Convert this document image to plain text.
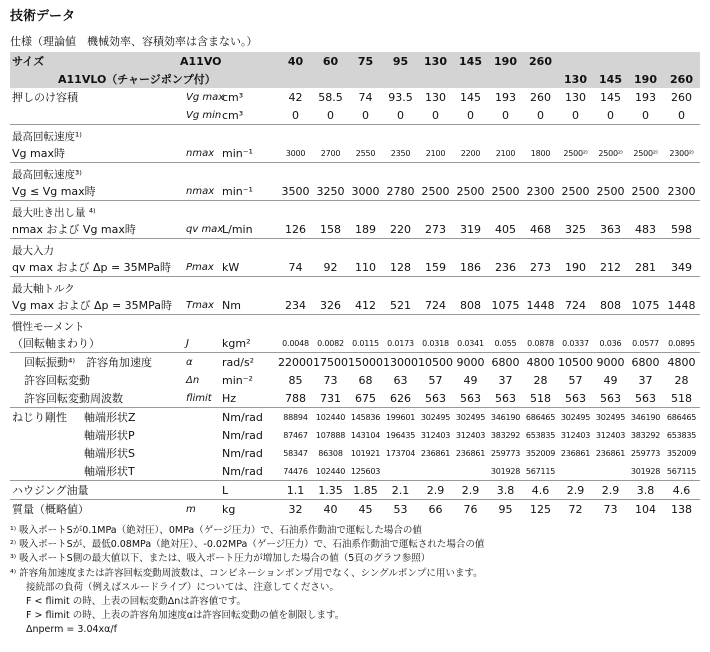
技術データ
仕様（理論値　機械効率、容積効率は含まない。）
サイズ	A11VO		40	60	75	95	130	145	190	260				
A11VLO（チャージポンプ付）											130	145	190	260
押しのけ容積	Vg max	cm³	42	58.5	74	93.5	130	145	193	260	130	145	193	260
	Vg min	cm³	0	0	0	0	0	0	0	0	0	0	0	0
最高回転速度¹⁾														
Vg max時	nmax	min⁻¹	3000	2700	2550	2350	2100	2200	2100	1800	2500²⁾	2500²⁾	2500²⁾	2300²⁾
最高回転速度³⁾														
Vg ≤ Vg max時	nmax	min⁻¹	3500	3250	3000	2780	2500	2500	2500	2300	2500	2500	2500	2300
最大吐き出し量 ⁴⁾														
nmax および Vg max時	qv max	L/min	126	158	189	220	273	319	405	468	325	363	483	598
最大入力														
qv max および Δp = 35MPa時	Pmax	kW	74	92	110	128	159	186	236	273	190	212	281	349
最大軸トルク														
Vg max および Δp = 35MPa時	Tmax	Nm	234	326	412	521	724	808	1075	1448	724	808	1075	1448
慣性モーメント														
（回転軸まわり）	J	kgm²	0.0048	0.0082	0.0115	0.0173	0.0318	0.0341	0.055	0.0878	0.0337	0.036	0.0577	0.0895
回転振動⁴⁾ 許容角加速度	α	rad/s²	22000	17500	15000	13000	10500	9000	6800	4800	10500	9000	6800	4800
許容回転変動	Δn	min⁻²	85	73	68	63	57	49	37	28	57	49	37	28
許容回転変動周波数	flimit	Hz	788	731	675	626	563	563	563	518	563	563	563	518
ねじり剛性 軸端形状Z		Nm/rad	88894	102440	145836	199601	302495	302495	346190	686465	302495	302495	346190	686465
軸端形状P		Nm/rad	87467	107888	143104	196435	312403	312403	383292	653835	312403	312403	383292	653835
軸端形状S		Nm/rad	58347	86308	101921	173704	236861	236861	259773	352009	236861	236861	259773	352009
軸端形状T		Nm/rad	74476	102440	125603				301928	567115			301928	567115
ハウジング油量		L	1.1	1.35	1.85	2.1	2.9	2.9	3.8	4.6	2.9	2.9	3.8	4.6
質量（概略値）	m	kg	32	40	45	53	66	76	95	125	72	73	104	138
¹⁾ 吸入ポートSが0.1MPa（絶対圧）、0MPa（ゲージ圧力）で、石油系作動油で運転した場合の値
²⁾ 吸入ポートSが、最低0.08MPa（絶対圧）、-0.02MPa（ゲージ圧力）で、石油系作動油で運転された場合の値
³⁾ 吸入ポートS側の最大値以下、または、吸入ポート圧力が増加した場合の値（5頁のグラフ参照）
⁴⁾ 許容角加速度または許容回転変動周波数は、コンビネーションポンプ用でなく、シングルポンプに用います。
接続部の負荷（例えばスルードライブ）については、注意してください。
F < flimit の時、上表の回転変動Δnは許容値です。
F > flimit の時、上表の許容角加速度αは許容回転変動の値を制限します。
Δnperm = 3.04xα/f
